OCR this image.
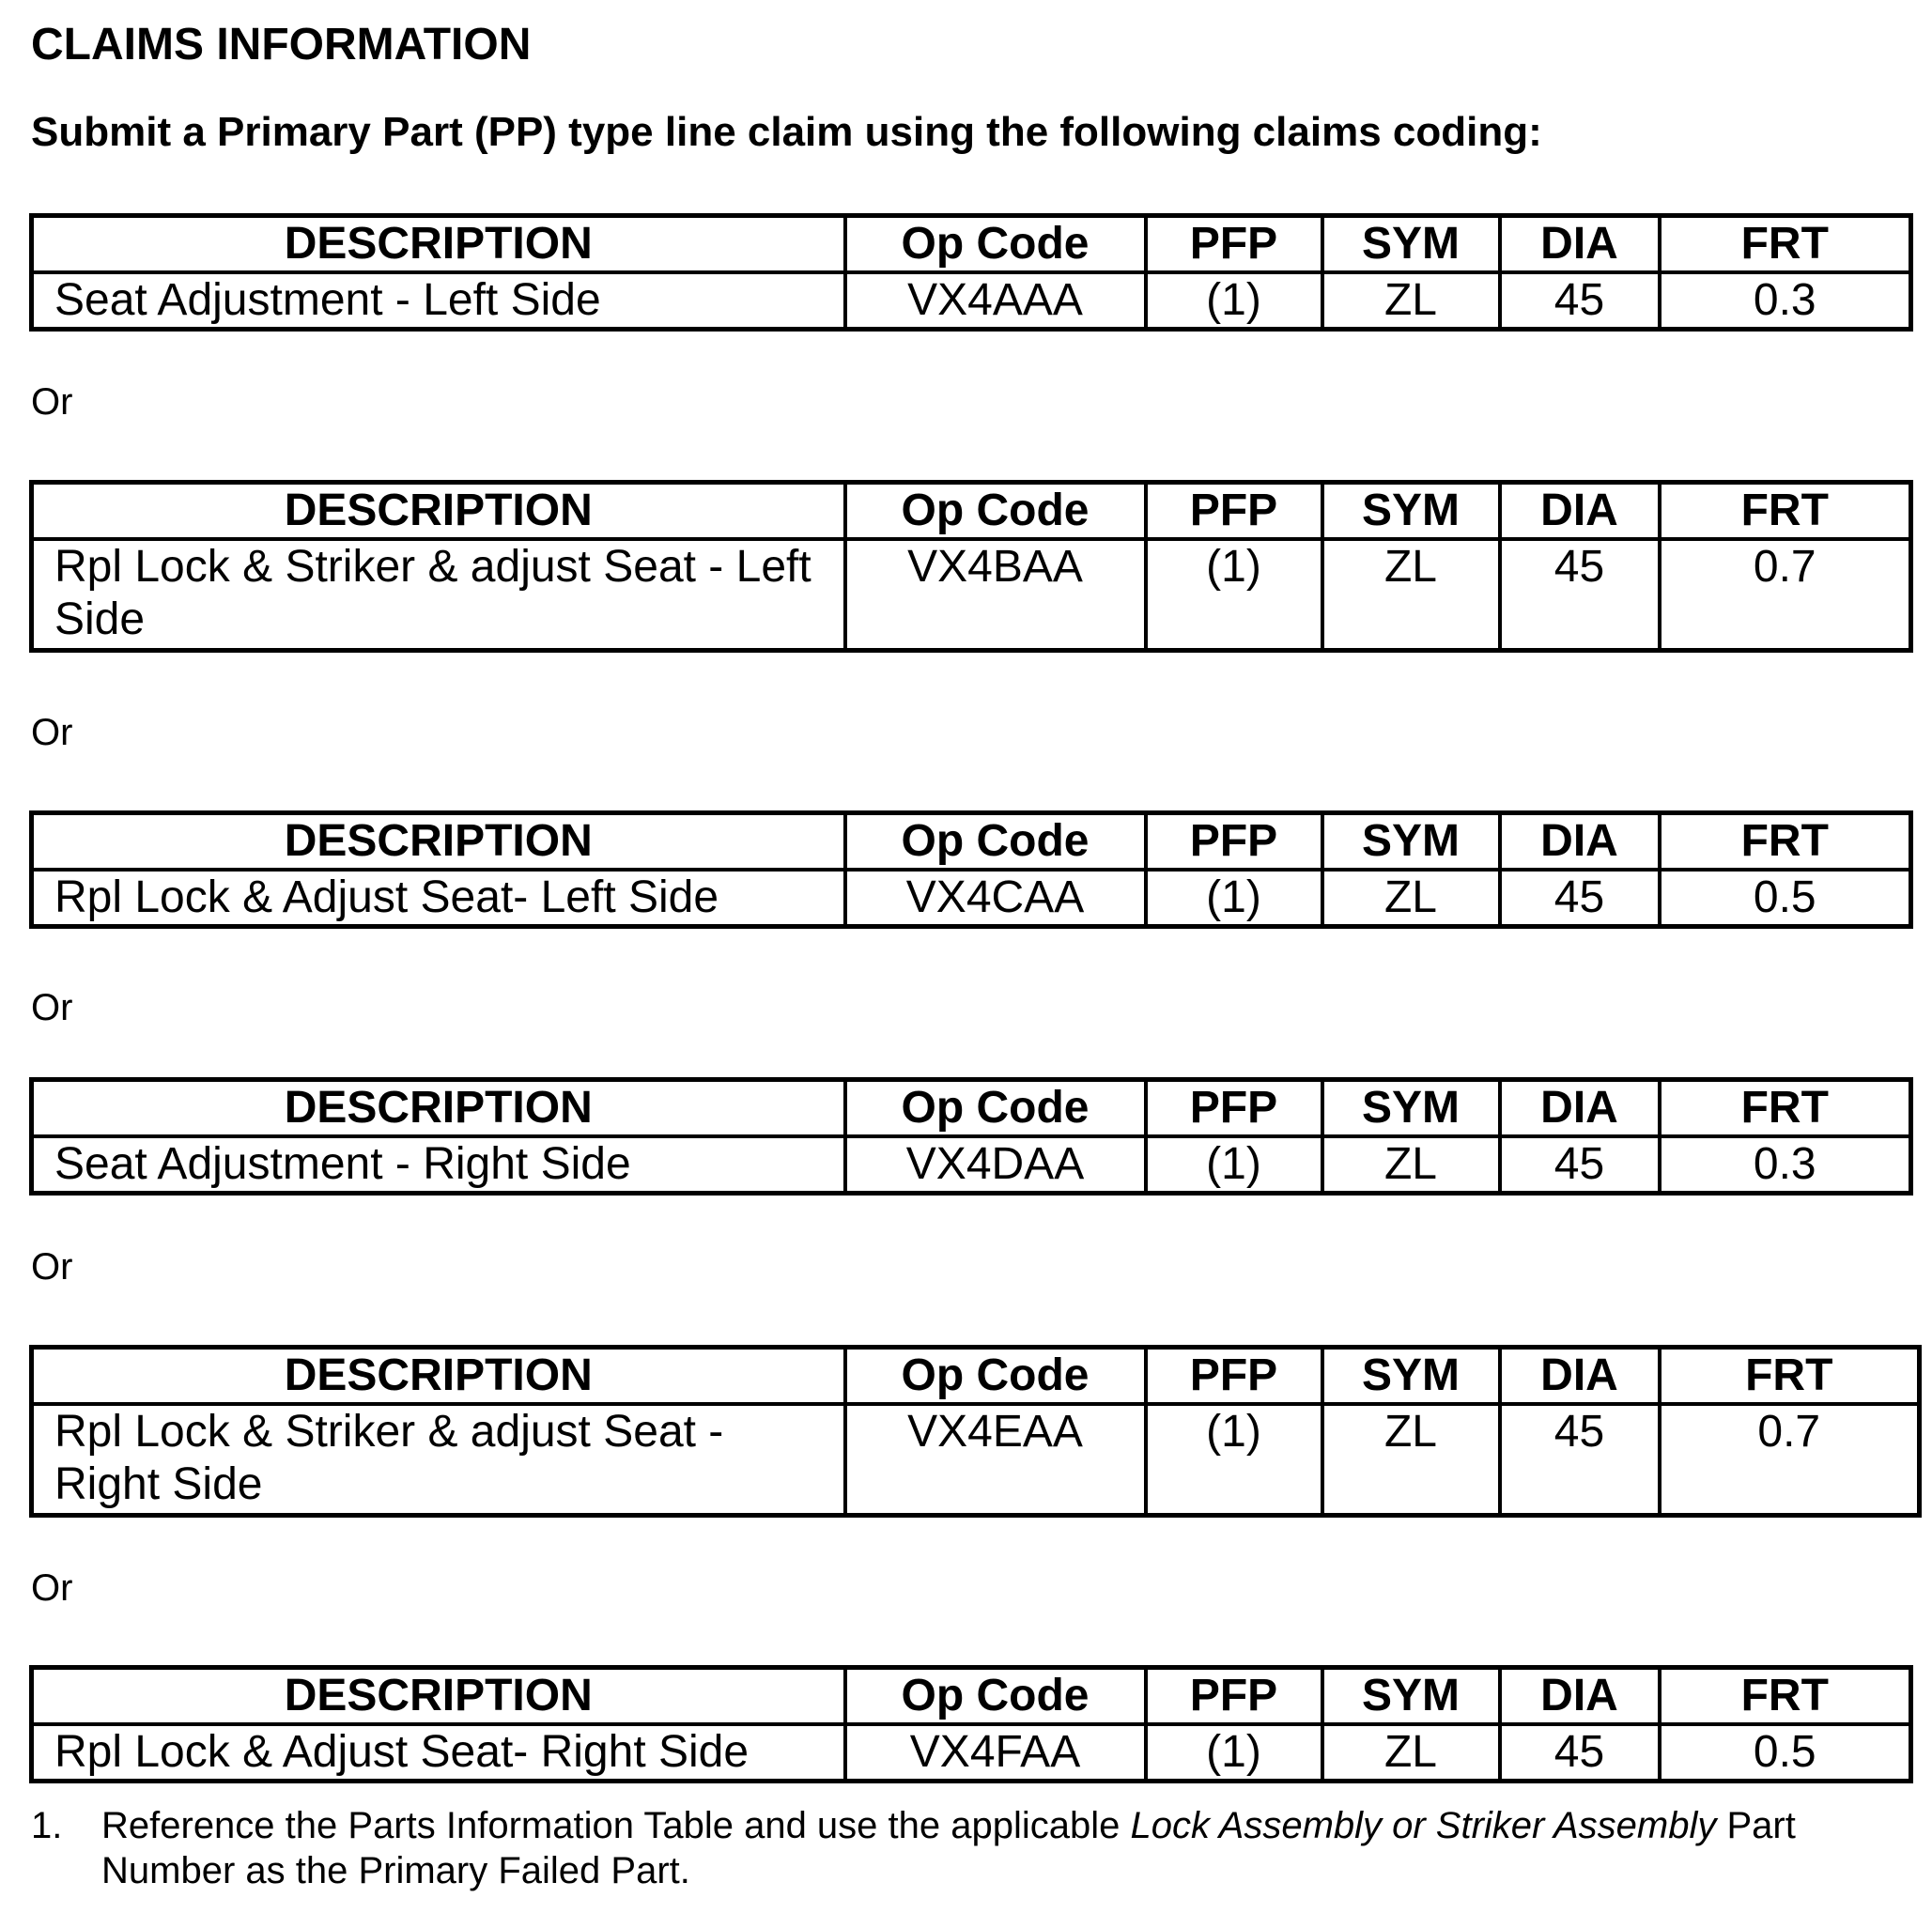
CLAIMS INFORMATION
Submit a Primary Part (PP) type line claim using the following claims coding:
DESCRIPTION	Op Code	PFP	SYM	DIA	FRT
Seat Adjustment - Left Side	VX4AAA	(1)	ZL	45	0.3
Or
DESCRIPTION	Op Code	PFP	SYM	DIA	FRT
Rpl Lock & Striker & adjust Seat - Left Side	VX4BAA	(1)	ZL	45	0.7
Or
DESCRIPTION	Op Code	PFP	SYM	DIA	FRT
Rpl Lock & Adjust Seat- Left Side	VX4CAA	(1)	ZL	45	0.5
Or
DESCRIPTION	Op Code	PFP	SYM	DIA	FRT
Seat Adjustment - Right Side	VX4DAA	(1)	ZL	45	0.3
Or
DESCRIPTION	Op Code	PFP	SYM	DIA	FRT
Rpl Lock & Striker & adjust Seat - Right Side	VX4EAA	(1)	ZL	45	0.7
Or
DESCRIPTION	Op Code	PFP	SYM	DIA	FRT
Rpl Lock & Adjust Seat- Right Side	VX4FAA	(1)	ZL	45	0.5
1. Reference the Parts Information Table and use the applicable Lock Assembly or Striker Assembly Part Number as the Primary Failed Part.
